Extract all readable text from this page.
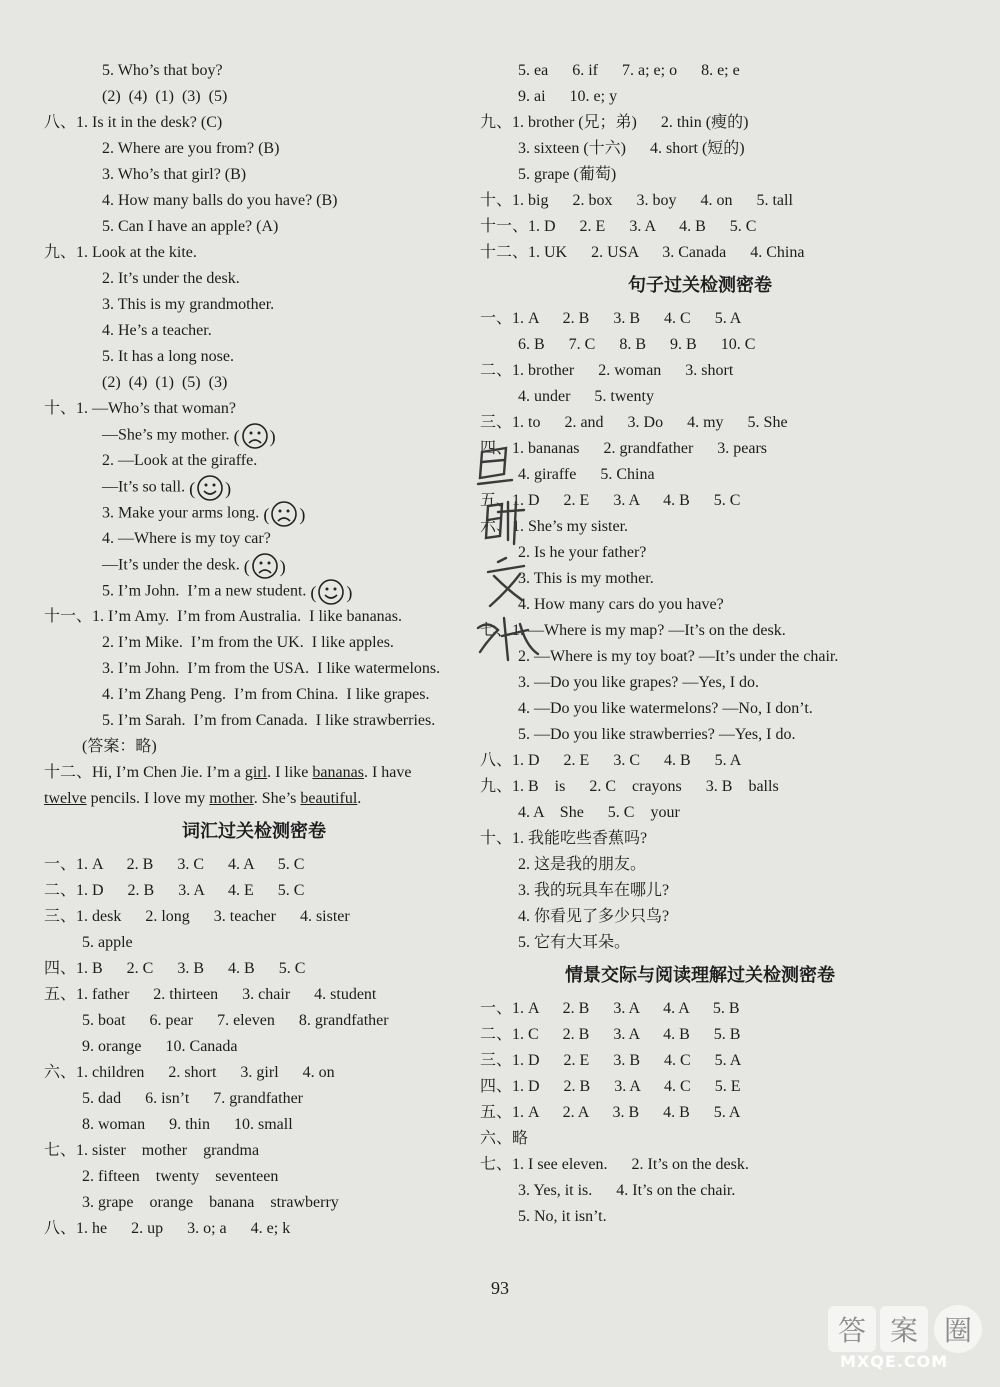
5. Who’s that boy?
(2)  (4)  (1)  (3)  (5)
八、1. Is it in the desk? (C)
2. Where are you from? (B)
3. Who’s that girl? (B)
4. How many balls do you have? (B)
5. Can I have an apple? (A)
九、1. Look at the kite.
2. It’s under the desk.
3. This is my grandmother.
4. He’s a teacher.
5. It has a long nose.
(2)  (4)  (1)  (5)  (3)
十、1. —Who’s that woman?
—She’s my mother. ( )
2. —Look at the giraffe.
—It’s so tall. ( )
3. Make your arms long. ( )
4. —Where is my toy car?
—It’s under the desk. ( )
5. I’m John.  I’m a new student. ( )
十一、1. I’m Amy.  I’m from Australia.  I like bananas.
2. I’m Mike.  I’m from the UK.  I like apples.
3. I’m John.  I’m from the USA.  I like watermelons.
4. I’m Zhang Peng.  I’m from China.  I like grapes.
5. I’m Sarah.  I’m from Canada.  I like strawberries.
(答案：略)
十二、Hi, I’m Chen Jie. I’m a girl. I like bananas. I have
twelve pencils. I love my mother. She’s beautiful.
词汇过关检测密卷
一、1. A      2. B      3. C      4. A      5. C
二、1. D      2. B      3. A      4. E      5. C
三、1. desk      2. long      3. teacher      4. sister
5. apple
四、1. B      2. C      3. B      4. B      5. C
五、1. father      2. thirteen      3. chair      4. student
5. boat      6. pear      7. eleven      8. grandfather
9. orange      10. Canada
六、1. children      2. short      3. girl      4. on
5. dad      6. isn’t      7. grandfather
8. woman      9. thin      10. small
七、1. sister    mother    grandma
2. fifteen    twenty    seventeen
3. grape    orange    banana    strawberry
八、1. he      2. up      3. o; a      4. e; k
5. ea      6. if      7. a; e; o      8. e; e
9. ai      10. e; y
九、1. brother (兄；弟)      2. thin (瘦的)
3. sixteen (十六)      4. short (短的)
5. grape (葡萄)
十、1. big      2. box      3. boy      4. on      5. tall
十一、1. D      2. E      3. A      4. B      5. C
十二、1. UK      2. USA      3. Canada      4. China
句子过关检测密卷
一、1. A      2. B      3. B      4. C      5. A
6. B      7. C      8. B      9. B      10. C
二、1. brother      2. woman      3. short
4. under      5. twenty
三、1. to      2. and      3. Do      4. my      5. She
四、1. bananas      2. grandfather      3. pears
4. giraffe      5. China
五、1. D      2. E      3. A      4. B      5. C
六、1. She’s my sister.
2. Is he your father?
3. This is my mother.
4. How many cars do you have?
七、1. —Where is my map? —It’s on the desk.
2. —Where is my toy boat? —It’s under the chair.
3. —Do you like grapes? —Yes, I do.
4. —Do you like watermelons? —No, I don’t.
5. —Do you like strawberries? —Yes, I do.
八、1. D      2. E      3. C      4. B      5. A
九、1. B    is      2. C    crayons      3. B    balls
4. A    She      5. C    your
十、1. 我能吃些香蕉吗?
2. 这是我的朋友。
3. 我的玩具车在哪儿?
4. 你看见了多少只鸟?
5. 它有大耳朵。
情景交际与阅读理解过关检测密卷
一、1. A      2. B      3. A      4. A      5. B
二、1. C      2. B      3. A      4. B      5. B
三、1. D      2. E      3. B      4. C      5. A
四、1. D      2. B      3. A      4. C      5. E
五、1. A      2. A      3. B      4. B      5. A
六、略
七、1. I see eleven.      2. It’s on the desk.
3. Yes, it is.      4. It’s on the chair.
5. No, it isn’t.
93
答 案 圈
MXQE.COM
